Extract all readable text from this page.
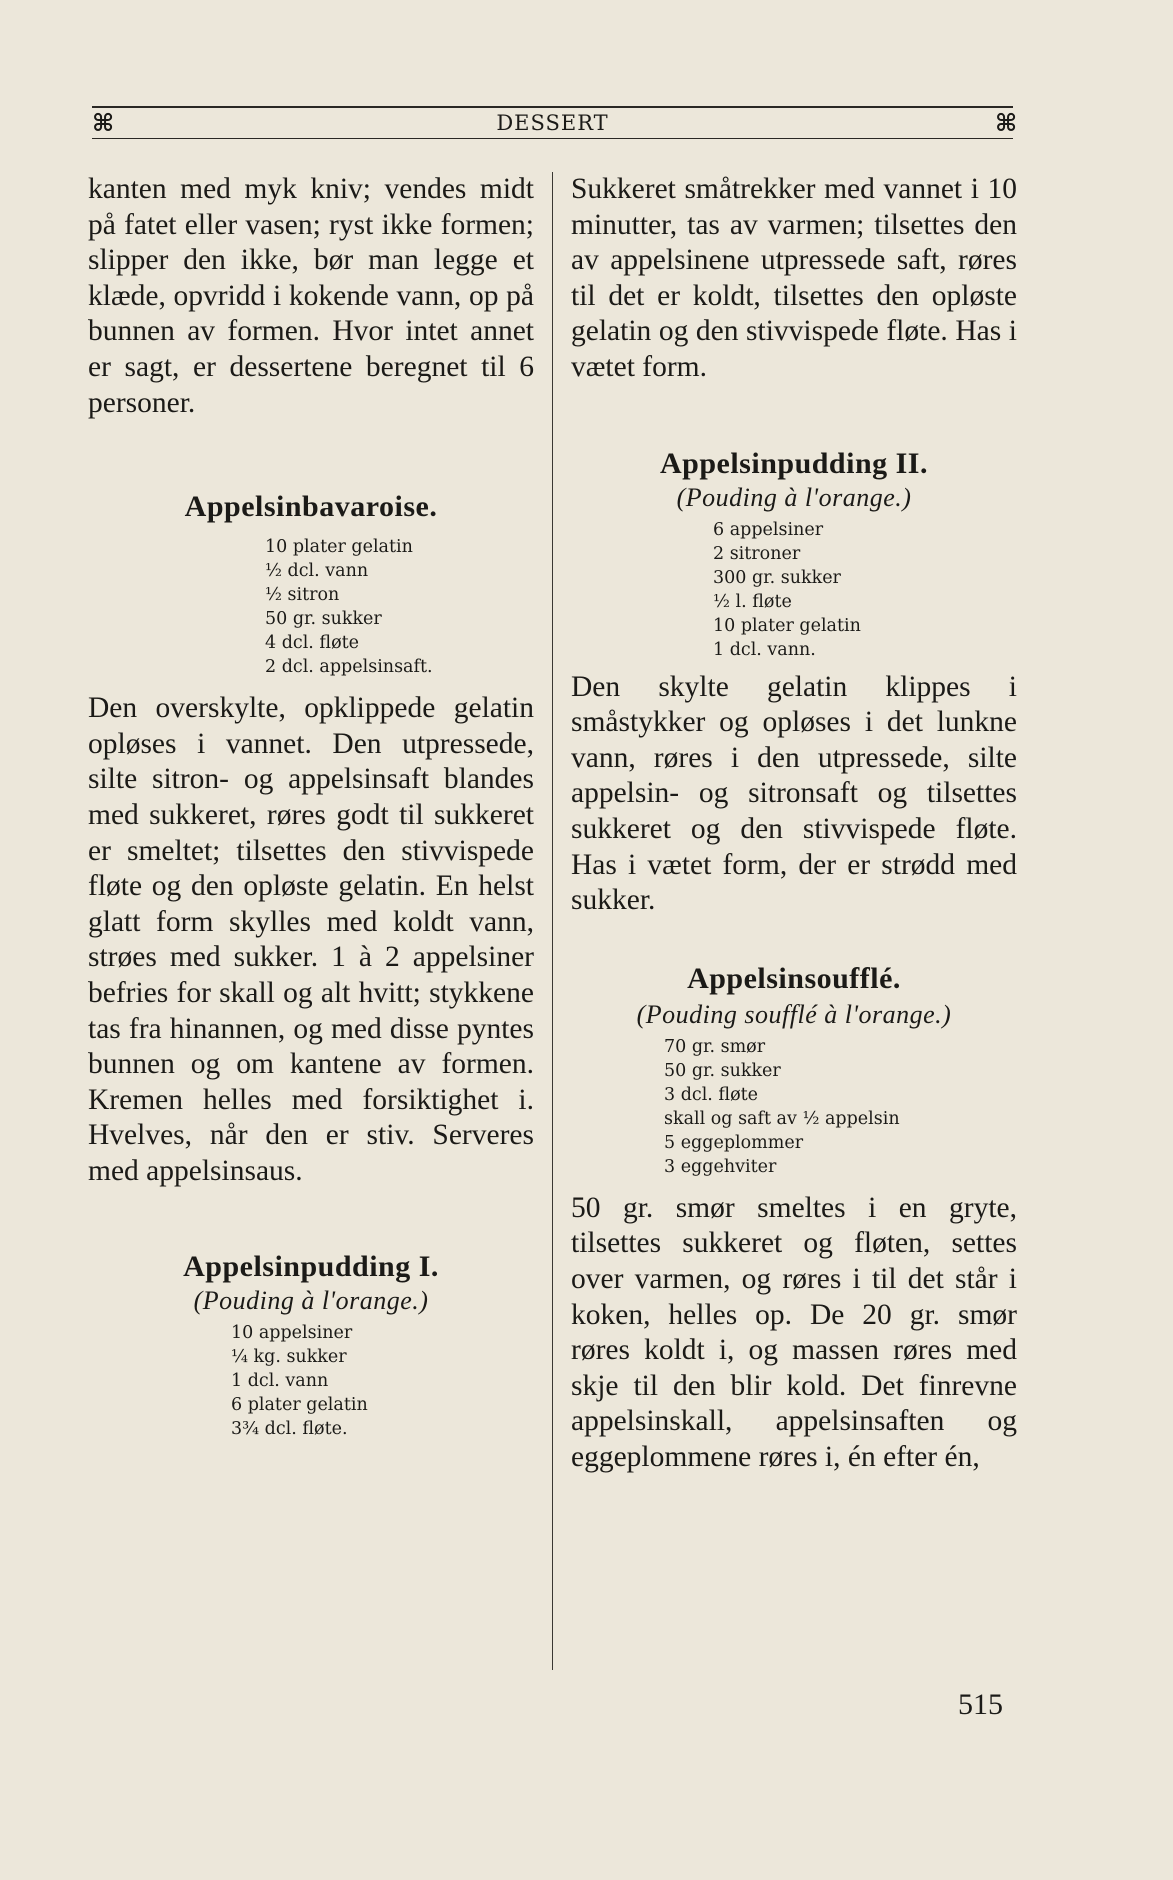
⌘	DESSERT	⌘

kanten med myk kniv; vendes midt på fatet eller vasen; ryst ikke formen; slipper den ikke, bør man legge et klæde, opvridd i kokende vann, op på bunnen av formen. Hvor intet annet er sagt, er dessertene beregnet til 6 personer.

Appelsinbavaroise.
10 plater gelatin
½ dcl. vann
½ sitron
50 gr. sukker
4 dcl. fløte
2 dcl. appelsinsaft.

Den overskylte, opklippede gelatin opløses i vannet. Den utpressede, silte sitron- og appelsinsaft blandes med sukkeret, røres godt til sukkeret er smeltet; tilsettes den stivvispede fløte og den opløste gelatin. En helst glatt form skylles med koldt vann, strøes med sukker. 1 à 2 appelsiner befries for skall og alt hvitt; stykkene tas fra hinannen, og med disse pyntes bunnen og om kantene av formen. Kremen helles med forsiktighet i. Hvelves, når den er stiv. Serveres med appelsinsaus.

Appelsinpudding I.

(Pouding à l'orange.)

10 appelsiner
¼ kg. sukker
1 dcl. vann
6 plater gelatin
3¾ dcl. fløte.

Sukkeret småtrekker med vannet i 10 minutter, tas av varmen; tilsettes den av appelsinene utpressede saft, røres til det er koldt, tilsettes den opløste gelatin og den stivvispede fløte. Has i vætet form.

Appelsinpudding II.

(Pouding à l'orange.)

6 appelsiner
2 sitroner
300 gr. sukker
½ l. fløte
10 plater gelatin
1 dcl. vann.

Den skylte gelatin klippes i småstykker og opløses i det lunkne vann, røres i den utpressede, silte appelsin- og sitronsaft og tilsettes sukkeret og den stivvispede fløte. Has i vætet form, der er strødd med sukker.

Appelsinsoufflé.

(Pouding soufflé à l'orange.)

70 gr. smør
50 gr. sukker
3 dcl. fløte
skall og saft av ½ appelsin
5 eggeplommer
3 eggehviter

50 gr. smør smeltes i en gryte, tilsettes sukkeret og fløten, settes over varmen, og røres i til det står i koken, helles op. De 20 gr. smør røres koldt i, og massen røres med skje til den blir kold. Det finrevne appelsinskall, appelsinsaften og eggeplommene røres i, én efter én,

515
